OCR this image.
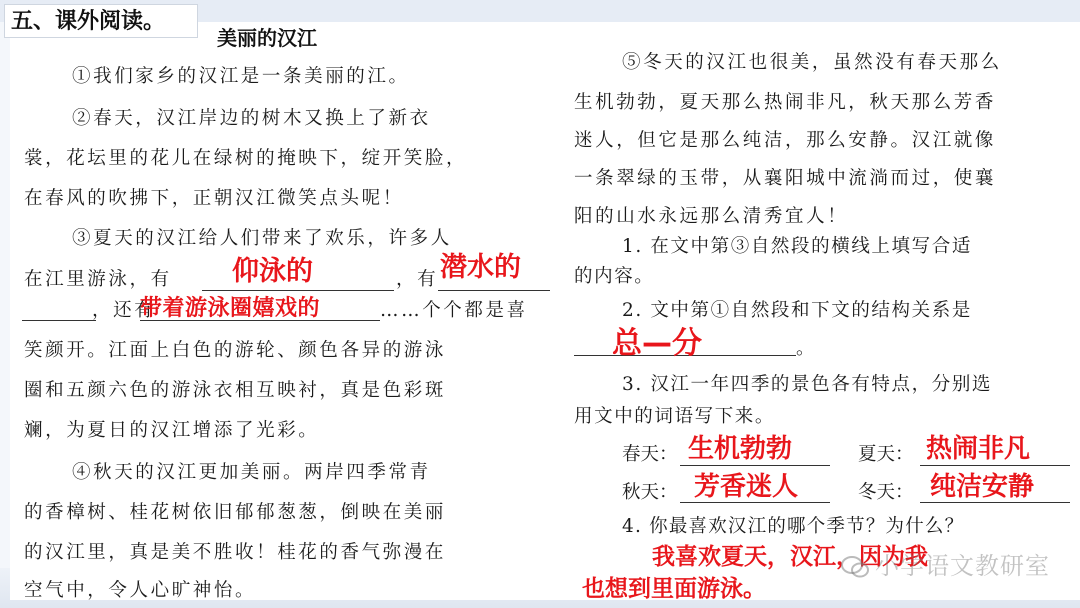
五、课外阅读。
美丽的汉江
①我们家乡的汉江是一条美丽的江。
②春天，汉江岸边的树木又换上了新衣
裳，花坛里的花儿在绿树的掩映下，绽开笑脸，
在春风的吹拂下，正朝汉江微笑点头呢！
③夏天的汉江给人们带来了欢乐，许多人
在江里游泳，有 仰泳的	，有 潜水的
，还有
带着游泳圈嬉戏的	……个个都是喜
笑颜开。江面上白色的游轮、颜色各异的游泳
圈和五颜六色的游泳衣相互映衬，真是色彩斑
斓，为夏日的汉江增添了光彩。
④秋天的汉江更加美丽。两岸四季常青
的香樟树、桂花树依旧郁郁葱葱，倒映在美丽
的汉江里，真是美不胜收！桂花的香气弥漫在
空气中，令人心旷神怡。
⑤冬天的汉江也很美，虽然没有春天那么
生机勃勃，夏天那么热闹非凡，秋天那么芳香
迷人，但它是那么纯洁，那么安静。汉江就像
一条翠绿的玉带，从襄阳城中流淌而过，使襄
阳的山水永远那么清秀宜人！
1. 在文中第③自然段的横线上填写合适
的内容。
2. 文中第①自然段和下文的结构关系是
总—分	。
3. 汉江一年四季的景色各有特点，分别选
用文中的词语写下来。
春天： 生机勃勃	夏天： 热闹非凡
秋天： 芳香迷人	冬天： 纯洁安静
4. 你最喜欢汉江的哪个季节？为什么？
我喜欢夏天，汉江，因为我
也想到里面游泳。
小学语文教研室
